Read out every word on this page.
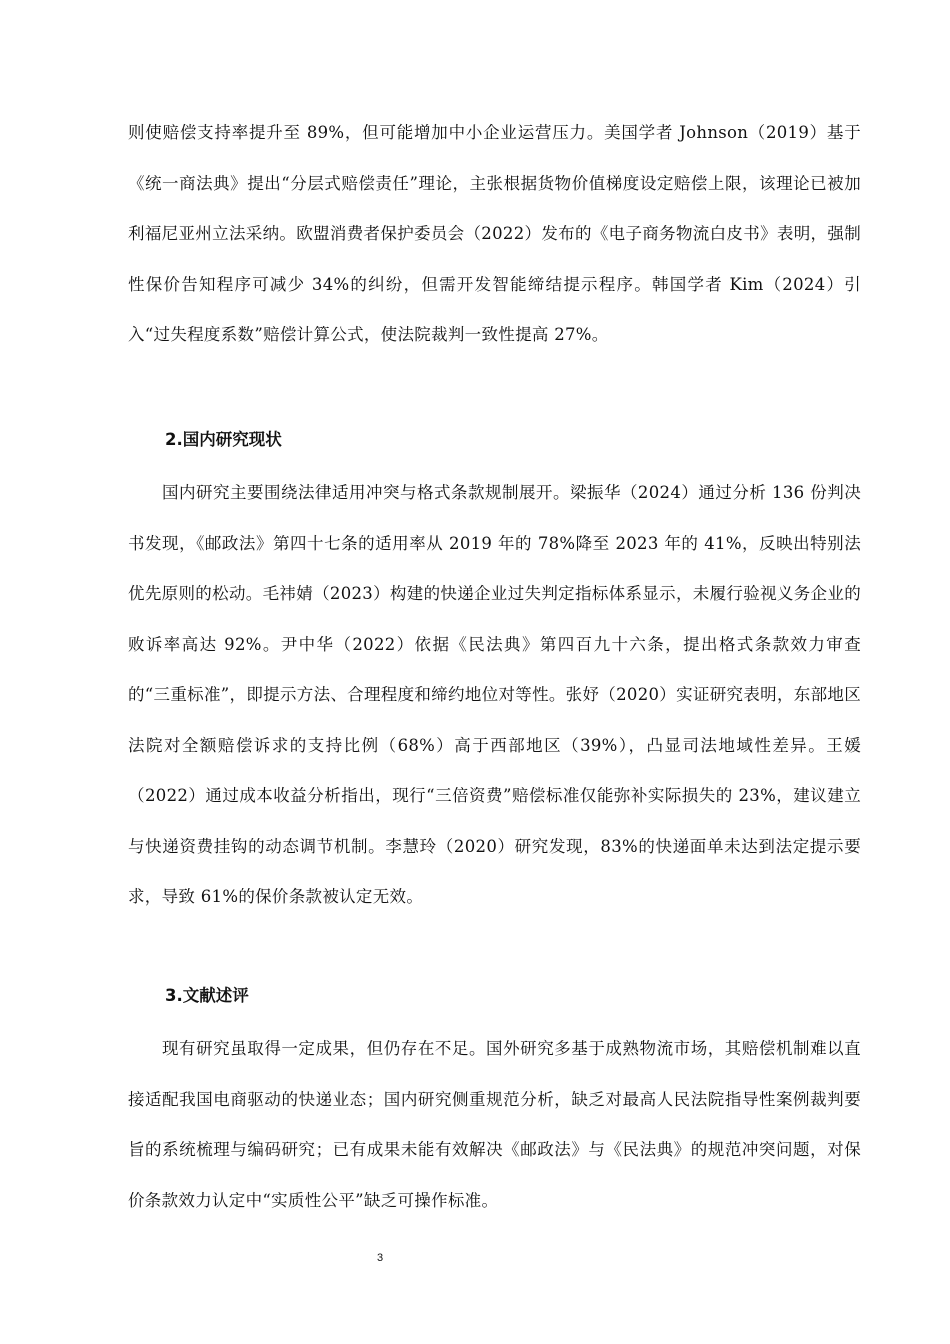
则使赔偿支持率提升至 89%，但可能增加中小企业运营压力。美国学者 Johnson（2019）基于《统一商法典》提出“分层式赔偿责任”理论，主张根据货物价值梯度设定赔偿上限，该理论已被加利福尼亚州立法采纳。欧盟消费者保护委员会（2022）发布的《电子商务物流白皮书》表明，强制性保价告知程序可减少 34%的纠纷，但需开发智能缔结提示程序。韩国学者 Kim（2024）引入“过失程度系数”赔偿计算公式，使法院裁判一致性提高 27%。

2.国内研究现状

国内研究主要围绕法律适用冲突与格式条款规制展开。梁振华（2024）通过分析 136 份判决书发现，《邮政法》第四十七条的适用率从 2019 年的 78%降至 2023 年的 41%，反映出特别法优先原则的松动。毛祎婧（2023）构建的快递企业过失判定指标体系显示，未履行验视义务企业的败诉率高达 92%。尹中华（2022）依据《民法典》第四百九十六条，提出格式条款效力审查的“三重标准”，即提示方法、合理程度和缔约地位对等性。张妤（2020）实证研究表明，东部地区法院对全额赔偿诉求的支持比例（68%）高于西部地区（39%），凸显司法地域性差异。王媛（2022）通过成本收益分析指出，现行“三倍资费”赔偿标准仅能弥补实际损失的 23%，建议建立与快递资费挂钩的动态调节机制。李慧玲（2020）研究发现，83%的快递面单未达到法定提示要求，导致 61%的保价条款被认定无效。

3.文献述评

现有研究虽取得一定成果，但仍存在不足。国外研究多基于成熟物流市场，其赔偿机制难以直接适配我国电商驱动的快递业态；国内研究侧重规范分析，缺乏对最高人民法院指导性案例裁判要旨的系统梳理与编码研究；已有成果未能有效解决《邮政法》与《民法典》的规范冲突问题，对保价条款效力认定中“实质性公平”缺乏可操作标准。

3
